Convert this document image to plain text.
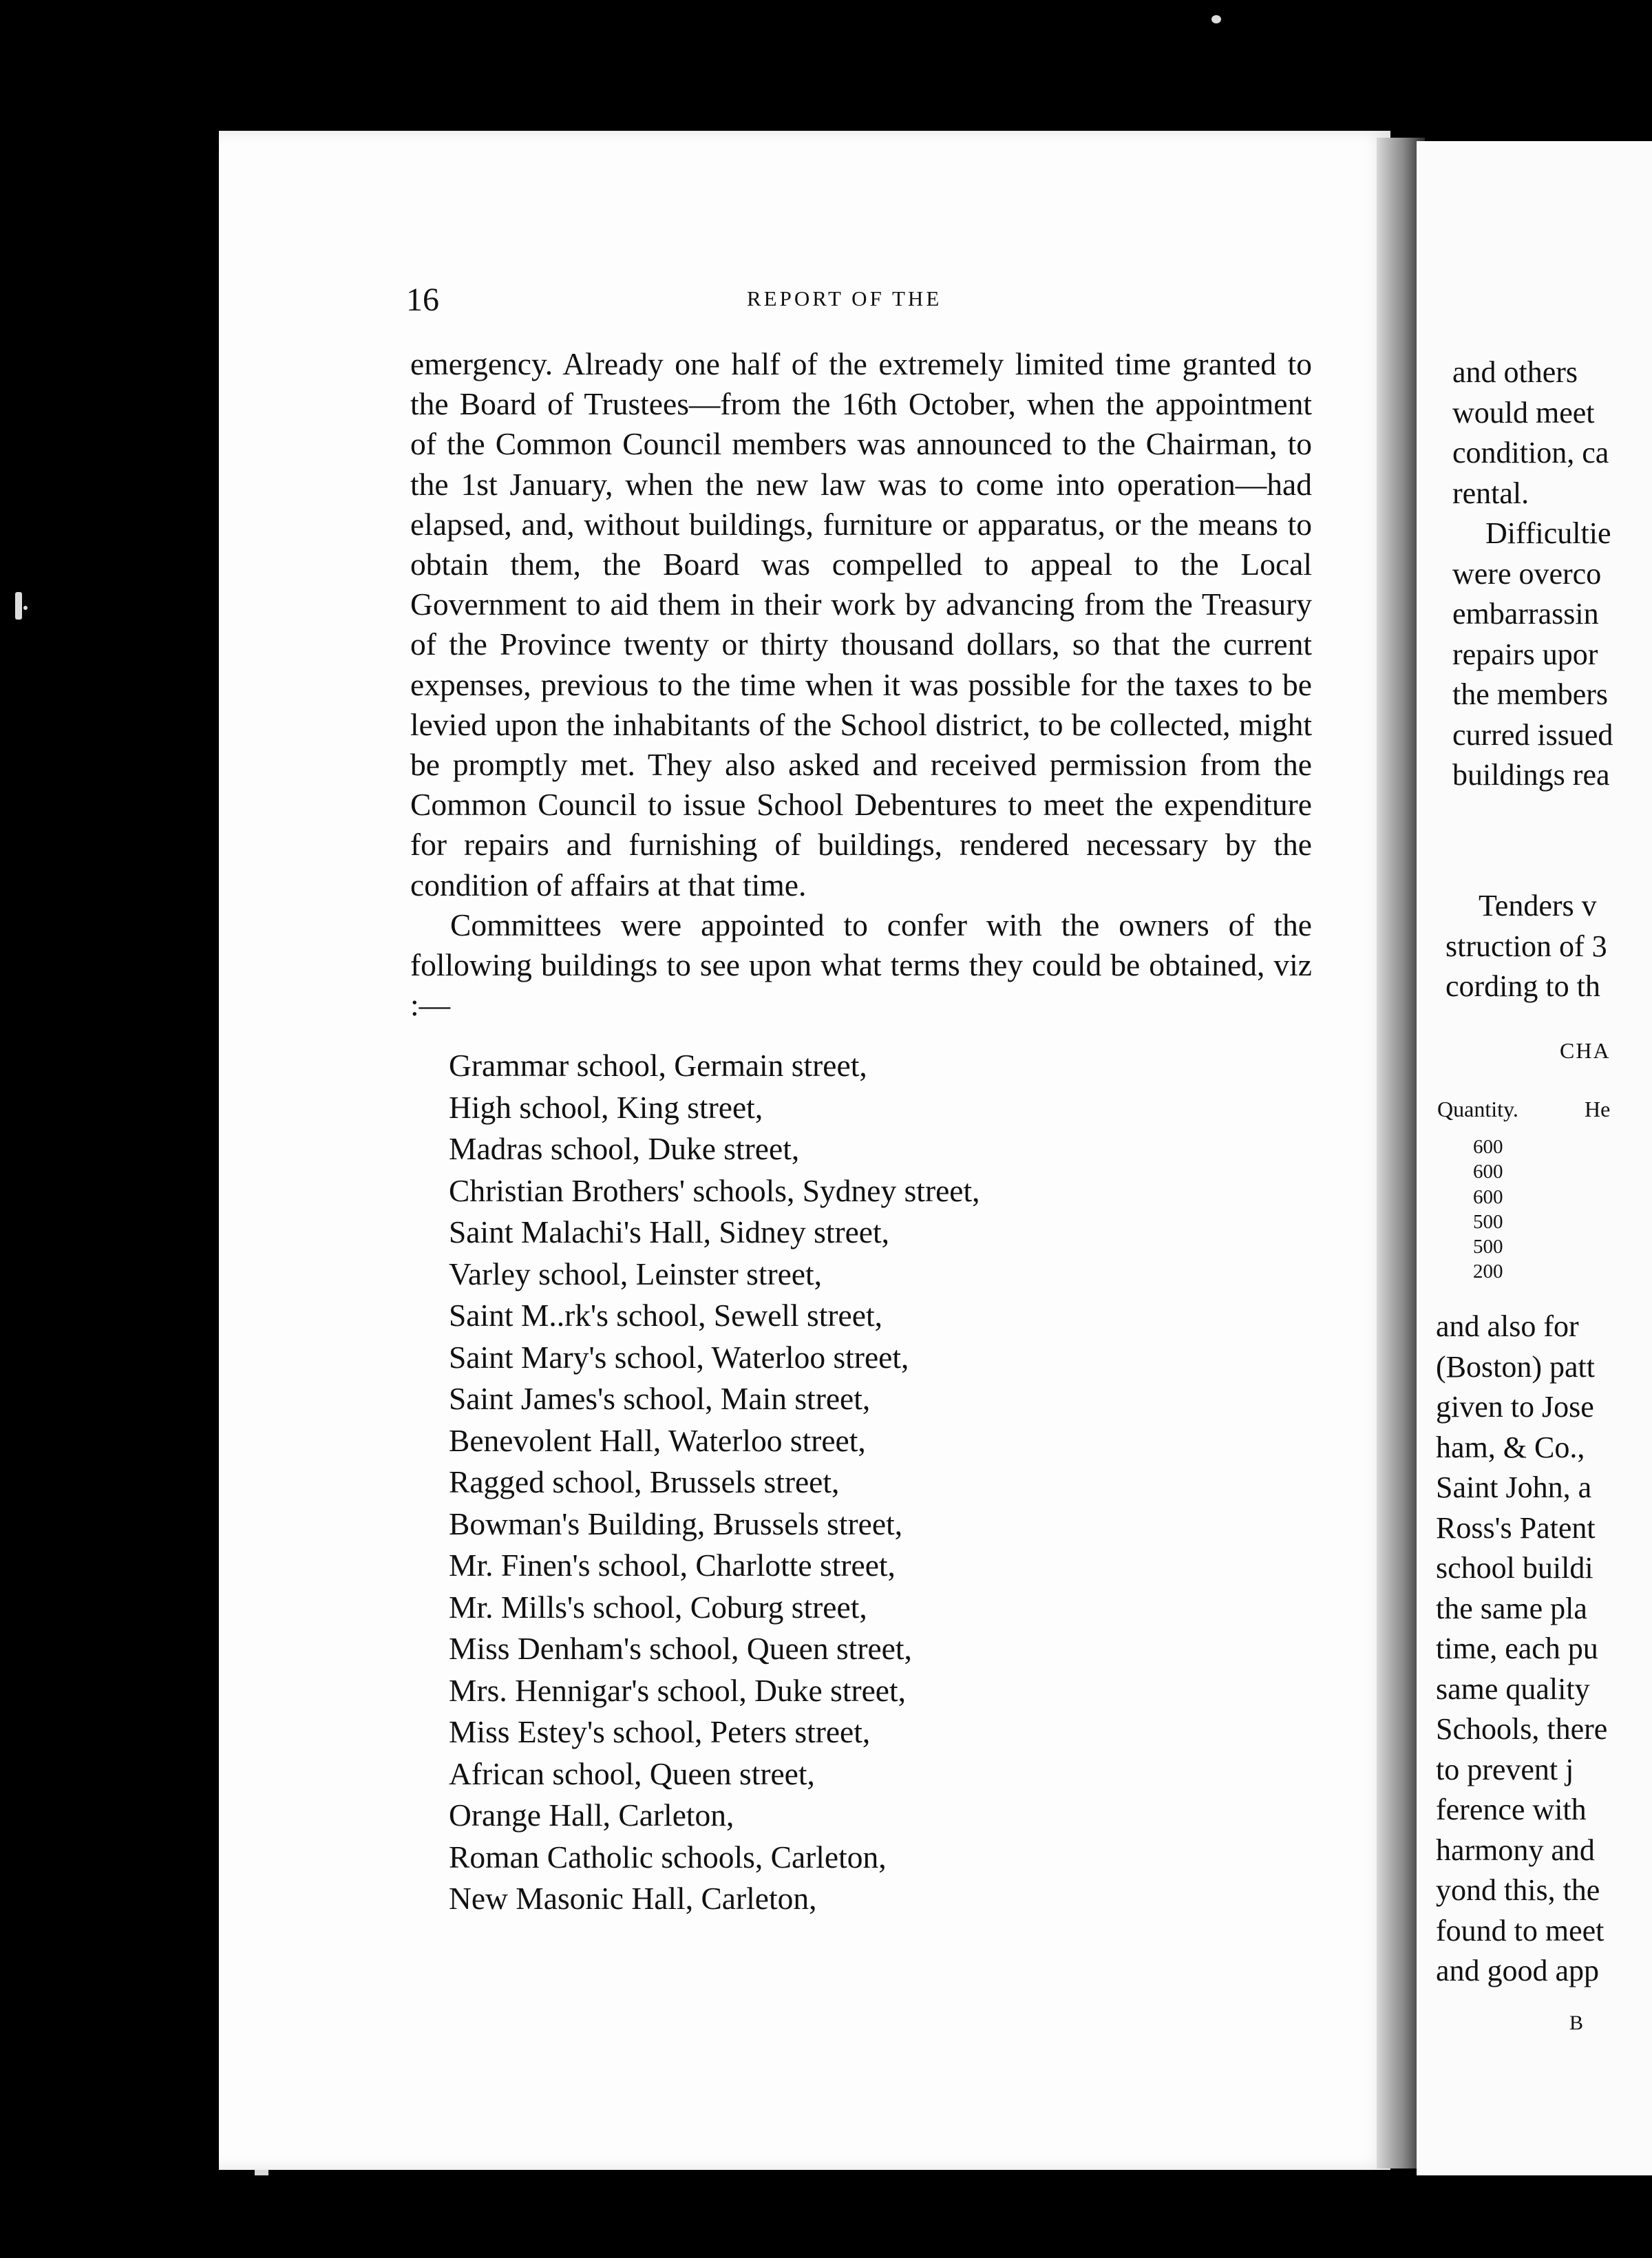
16	REPORT OF THE

emergency. Already one half of the extremely limited time granted to the Board of Trustees—from the 16th October, when the appointment of the Common Council members was announced to the Chairman, to the 1st January, when the new law was to come into operation—had elapsed, and, without buildings, furniture or apparatus, or the means to obtain them, the Board was compelled to appeal to the Local Government to aid them in their work by advancing from the Treasury of the Province twenty or thirty thousand dollars, so that the current expenses, previous to the time when it was possible for the taxes to be levied upon the inhabitants of the School district, to be collected, might be promptly met. They also asked and received permission from the Common Council to issue School Debentures to meet the expenditure for repairs and furnishing of buildings, rendered necessary by the condition of affairs at that time.

Committees were appointed to confer with the owners of the following buildings to see upon what terms they could be obtained, viz :—

Grammar school, Germain street,
High school, King street,
Madras school, Duke street,
Christian Brothers' schools, Sydney street,
Saint Malachi's Hall, Sidney street,
Varley school, Leinster street,
Saint M..rk's school, Sewell street,
Saint Mary's school, Waterloo street,
Saint James's school, Main street,
Benevolent Hall, Waterloo street,
Ragged school, Brussels street,
Bowman's Building, Brussels street,
Mr. Finen's school, Charlotte street,
Mr. Mills's school, Coburg street,
Miss Denham's school, Queen street,
Mrs. Hennigar's school, Duke street,
Miss Estey's school, Peters street,
African school, Queen street,
Orange Hall, Carleton,
Roman Catholic schools, Carleton,
New Masonic Hall, Carleton,
and others
would meet
condition, ca
rental.
Difficultie
were overco
embarrassin
repairs upor
the members
curred issued
buildings rea
Tenders v
struction of 3
cording to th
CHA
Quantity.	He
600
600
600
500
500
200
and also for
(Boston) patt
given to Jose
ham, & Co.,
Saint John, a
Ross's Patent
school buildi
the same pla
time, each pu
same quality
Schools, there
to prevent j
ference with
harmony and
yond this, the
found to meet
and good app
B
